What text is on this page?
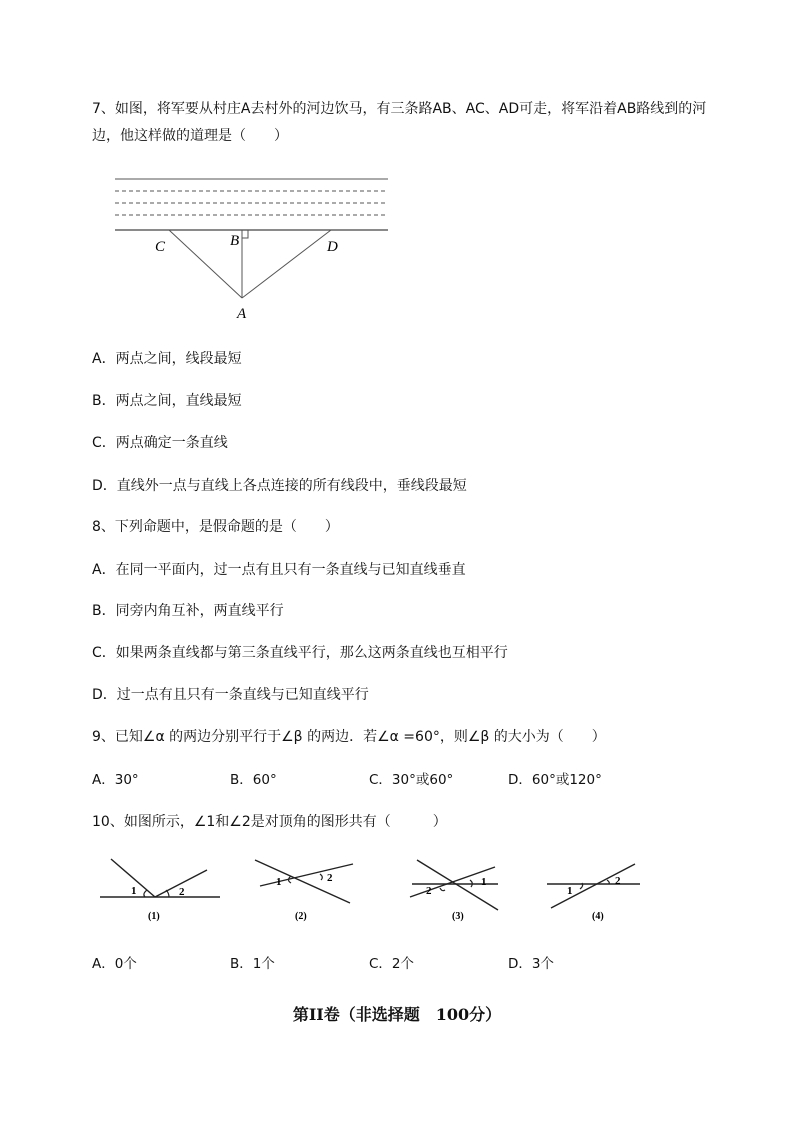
7、如图，将军要从村庄A去村外的河边饮马，有三条路AB、AC、AD可走，将军沿着AB路线到的河
边，他这样做的道理是（　　）
C	B	D
A
A．两点之间，线段最短
B．两点之间，直线最短
C．两点确定一条直线
D．直线外一点与直线上各点连接的所有线段中，垂线段最短
8、下列命题中，是假命题的是（　　）
A．在同一平面内，过一点有且只有一条直线与已知直线垂直
B．同旁内角互补，两直线平行
C．如果两条直线都与第三条直线平行，那么这两条直线也互相平行
D．过一点有且只有一条直线与已知直线平行
9、已知∠α 的两边分别平行于∠β 的两边．若∠α =60°，则∠β 的大小为（　　）
A．30°	B．60°	C．30°或60°	D．60°或120°
10、如图所示，∠1和∠2是对顶角的图形共有（　　　）
1	2
(1)
1	2
(2)
2
1
(3)
1
2
(4)
A．0个	B．1个	C．2个	D．3个
第II卷（非选择题　100分）
